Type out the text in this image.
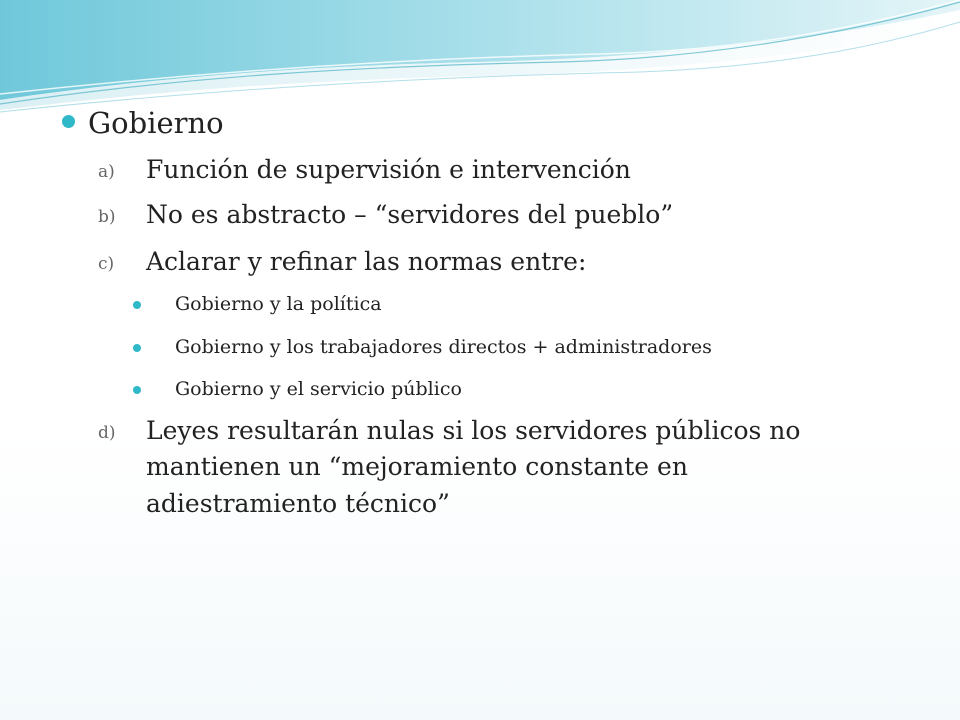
Gobierno
a) Función de supervisión e intervención
b) No es abstracto – “servidores del pueblo”
c) Aclarar y refinar las normas entre:
Gobierno y la política
Gobierno y los trabajadores directos + administradores
Gobierno y el servicio público
d) Leyes resultarán nulas si los servidores públicos no
mantienen un “mejoramiento constante en
adiestramiento técnico”
